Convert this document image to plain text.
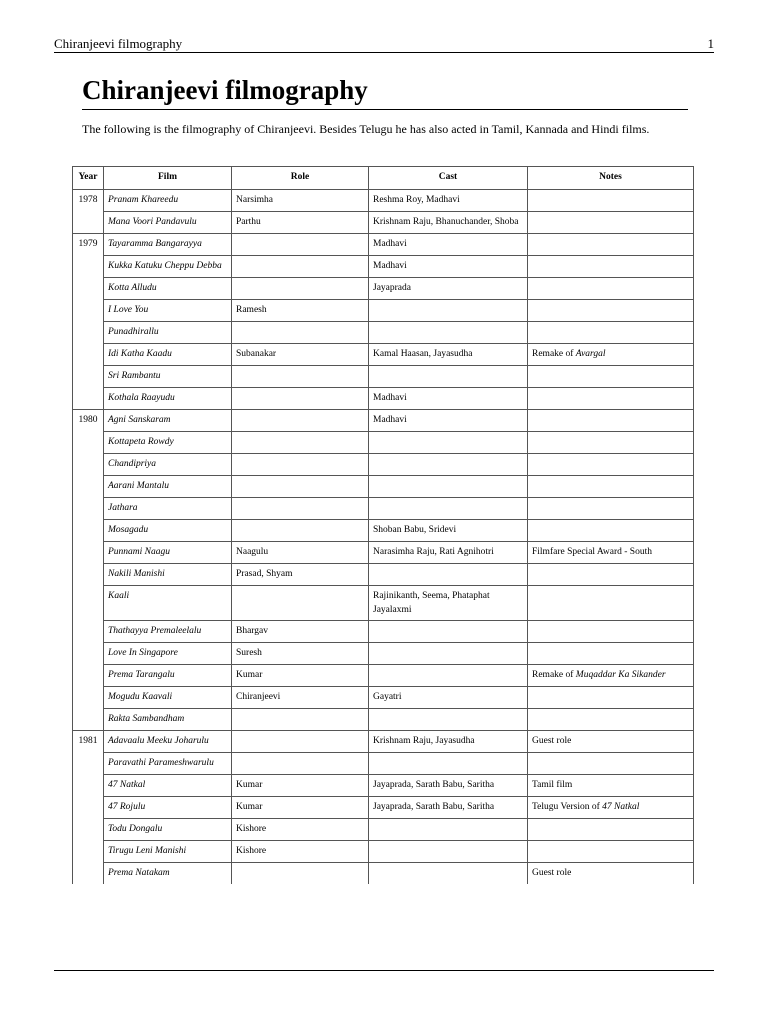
Chiranjeevi filmography	1
Chiranjeevi filmography

The following is the filmography of Chiranjeevi. Besides Telugu he has also acted in Tamil, Kannada and Hindi films.

Year	Film	Role	Cast	Notes
1978	Pranam Khareedu	Narsimha	Reshma Roy, Madhavi	
	Mana Voori Pandavulu	Parthu	Krishnam Raju, Bhanuchander, Shoba	
1979	Tayaramma Bangarayya		Madhavi	
	Kukka Katuku Cheppu Debba		Madhavi	
	Kotta Alludu		Jayaprada	
	I Love You	Ramesh		
	Punadhirallu			
	Idi Katha Kaadu	Subanakar	Kamal Haasan, Jayasudha	Remake of Avargal
	Sri Rambantu			
	Kothala Raayudu		Madhavi	
1980	Agni Sanskaram		Madhavi	
	Kottapeta Rowdy			
	Chandipriya			
	Aarani Mantalu			
	Jathara			
	Mosagadu		Shoban Babu, Sridevi	
	Punnami Naagu	Naagulu	Narasimha Raju, Rati Agnihotri	Filmfare Special Award - South
	Nakili Manishi	Prasad, Shyam		
	Kaali		Rajinikanth, Seema, Phataphat Jayalaxmi	
	Thathayya Premaleelalu	Bhargav		
	Love In Singapore	Suresh		
	Prema Tarangalu	Kumar		Remake of Muqaddar Ka Sikander
	Mogudu Kaavali	Chiranjeevi	Gayatri	
	Rakta Sambandham			
1981	Adavaalu Meeku Joharulu		Krishnam Raju, Jayasudha	Guest role
	Paravathi Parameshwarulu			
	47 Natkal	Kumar	Jayaprada, Sarath Babu, Saritha	Tamil film
	47 Rojulu	Kumar	Jayaprada, Sarath Babu, Saritha	Telugu Version of 47 Natkal
	Todu Dongalu	Kishore		
	Tirugu Leni Manishi	Kishore		
	Prema Natakam			Guest role
